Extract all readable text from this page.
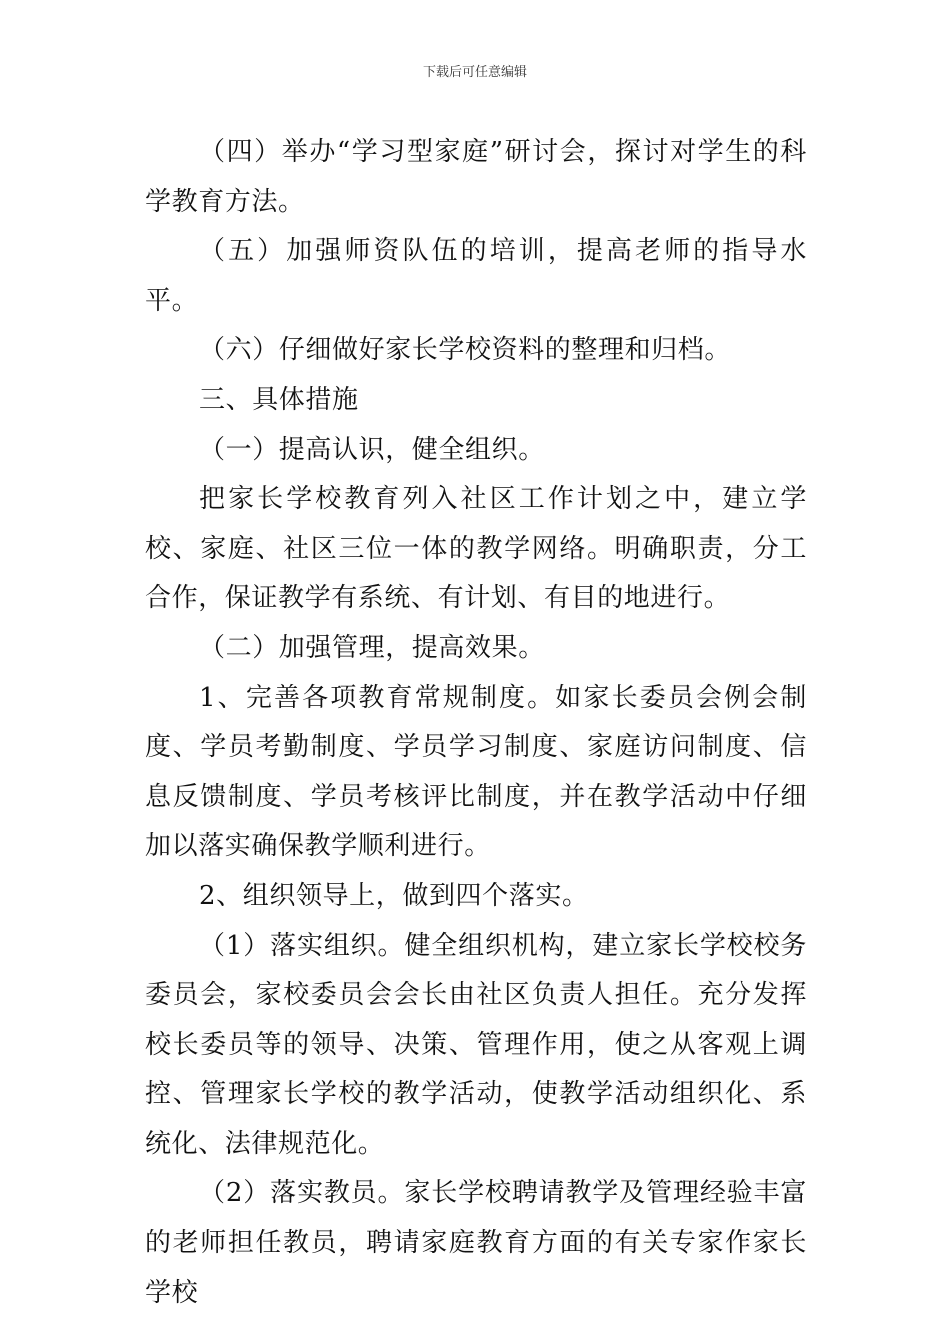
下载后可任意编辑

（四）举办“学习型家庭”研讨会，探讨对学生的科学教育方法。

（五）加强师资队伍的培训，提高老师的指导水平。

（六）仔细做好家长学校资料的整理和归档。

三、具体措施

（一）提高认识，健全组织。

把家长学校教育列入社区工作计划之中，建立学校、家庭、社区三位一体的教学网络。明确职责，分工合作，保证教学有系统、有计划、有目的地进行。

（二）加强管理，提高效果。

1、完善各项教育常规制度。如家长委员会例会制度、学员考勤制度、学员学习制度、家庭访问制度、信息反馈制度、学员考核评比制度，并在教学活动中仔细加以落实确保教学顺利进行。

2、组织领导上，做到四个落实。

（1）落实组织。健全组织机构，建立家长学校校务委员会，家校委员会会长由社区负责人担任。充分发挥校长委员等的领导、决策、管理作用，使之从客观上调控、管理家长学校的教学活动，使教学活动组织化、系统化、法律规范化。

（2）落实教员。家长学校聘请教学及管理经验丰富的老师担任教员，聘请家庭教育方面的有关专家作家长学校
